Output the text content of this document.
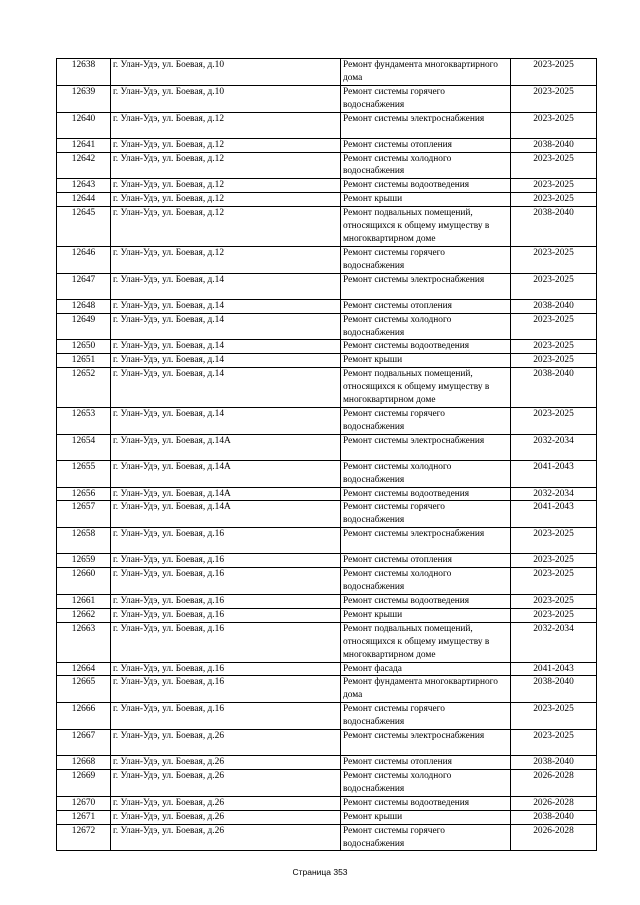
12638	г. Улан-Удэ, ул. Боевая, д.10	Ремонт фундамента многоквартирного дома	2023-2025
12639	г. Улан-Удэ, ул. Боевая, д.10	Ремонт системы горячего водоснабжения	2023-2025
12640	г. Улан-Удэ, ул. Боевая, д.12	Ремонт системы электроснабжения	2023-2025
12641	г. Улан-Удэ, ул. Боевая, д.12	Ремонт системы отопления	2038-2040
12642	г. Улан-Удэ, ул. Боевая, д.12	Ремонт системы холодного водоснабжения	2023-2025
12643	г. Улан-Удэ, ул. Боевая, д.12	Ремонт системы водоотведения	2023-2025
12644	г. Улан-Удэ, ул. Боевая, д.12	Ремонт крыши	2023-2025
12645	г. Улан-Удэ, ул. Боевая, д.12	Ремонт подвальных помещений, относящихся к общему имуществу в многоквартирном доме	2038-2040
12646	г. Улан-Удэ, ул. Боевая, д.12	Ремонт системы горячего водоснабжения	2023-2025
12647	г. Улан-Удэ, ул. Боевая, д.14	Ремонт системы электроснабжения	2023-2025
12648	г. Улан-Удэ, ул. Боевая, д.14	Ремонт системы отопления	2038-2040
12649	г. Улан-Удэ, ул. Боевая, д.14	Ремонт системы холодного водоснабжения	2023-2025
12650	г. Улан-Удэ, ул. Боевая, д.14	Ремонт системы водоотведения	2023-2025
12651	г. Улан-Удэ, ул. Боевая, д.14	Ремонт крыши	2023-2025
12652	г. Улан-Удэ, ул. Боевая, д.14	Ремонт подвальных помещений, относящихся к общему имуществу в многоквартирном доме	2038-2040
12653	г. Улан-Удэ, ул. Боевая, д.14	Ремонт системы горячего водоснабжения	2023-2025
12654	г. Улан-Удэ, ул. Боевая, д.14А	Ремонт системы электроснабжения	2032-2034
12655	г. Улан-Удэ, ул. Боевая, д.14А	Ремонт системы холодного водоснабжения	2041-2043
12656	г. Улан-Удэ, ул. Боевая, д.14А	Ремонт системы водоотведения	2032-2034
12657	г. Улан-Удэ, ул. Боевая, д.14А	Ремонт системы горячего водоснабжения	2041-2043
12658	г. Улан-Удэ, ул. Боевая, д.16	Ремонт системы электроснабжения	2023-2025
12659	г. Улан-Удэ, ул. Боевая, д.16	Ремонт системы отопления	2023-2025
12660	г. Улан-Удэ, ул. Боевая, д.16	Ремонт системы холодного водоснабжения	2023-2025
12661	г. Улан-Удэ, ул. Боевая, д.16	Ремонт системы водоотведения	2023-2025
12662	г. Улан-Удэ, ул. Боевая, д.16	Ремонт крыши	2023-2025
12663	г. Улан-Удэ, ул. Боевая, д.16	Ремонт подвальных помещений, относящихся к общему имуществу в многоквартирном доме	2032-2034
12664	г. Улан-Удэ, ул. Боевая, д.16	Ремонт фасада	2041-2043
12665	г. Улан-Удэ, ул. Боевая, д.16	Ремонт фундамента многоквартирного дома	2038-2040
12666	г. Улан-Удэ, ул. Боевая, д.16	Ремонт системы горячего водоснабжения	2023-2025
12667	г. Улан-Удэ, ул. Боевая, д.26	Ремонт системы электроснабжения	2023-2025
12668	г. Улан-Удэ, ул. Боевая, д.26	Ремонт системы отопления	2038-2040
12669	г. Улан-Удэ, ул. Боевая, д.26	Ремонт системы холодного водоснабжения	2026-2028
12670	г. Улан-Удэ, ул. Боевая, д.26	Ремонт системы водоотведения	2026-2028
12671	г. Улан-Удэ, ул. Боевая, д.26	Ремонт крыши	2038-2040
12672	г. Улан-Удэ, ул. Боевая, д.26	Ремонт системы горячего водоснабжения	2026-2028
Страница 353
